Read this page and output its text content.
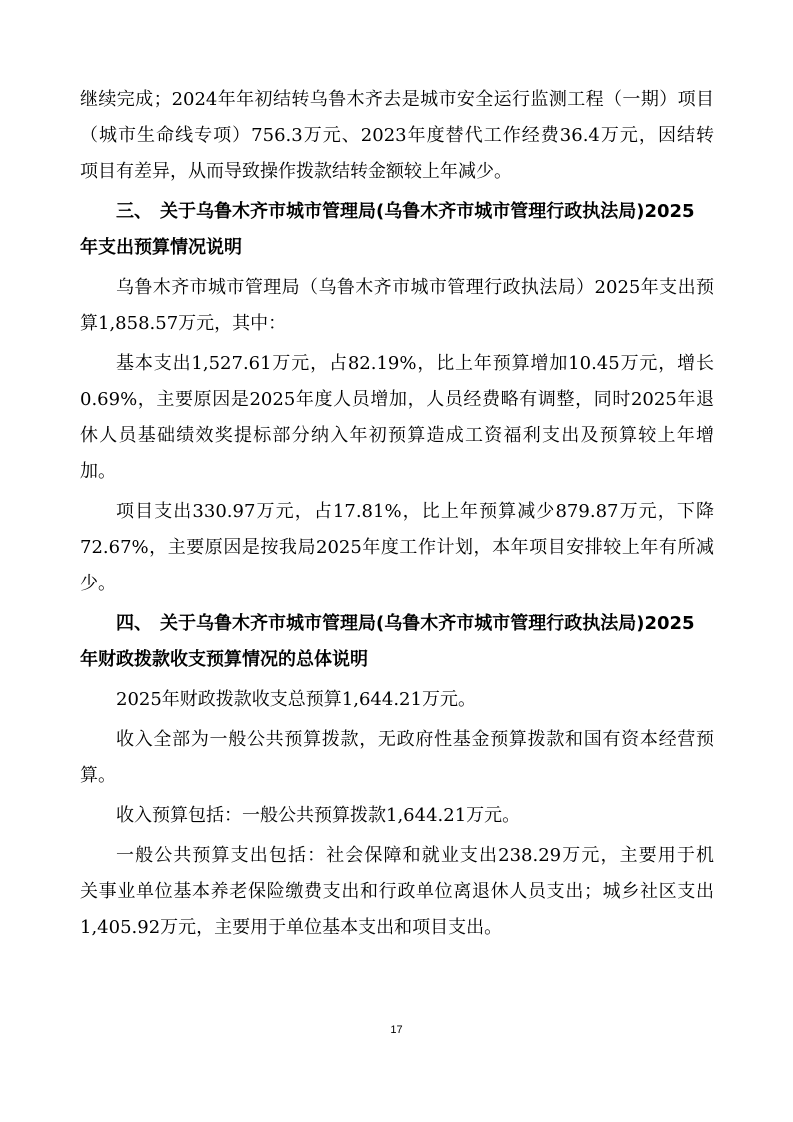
继续完成；2024年年初结转乌鲁木齐去是城市安全运行监测工程（一期）项目
（城市生命线专项）756.3万元、2023年度替代工作经费36.4万元，因结转
项目有差异，从而导致操作拨款结转金额较上年减少。
三、 关于乌鲁木齐市城市管理局(乌鲁木齐市城市管理行政执法局)2025
年支出预算情况说明
乌鲁木齐市城市管理局（乌鲁木齐市城市管理行政执法局）2025年支出预
算1,858.57万元，其中：
基本支出1,527.61万元，占82.19%，比上年预算增加10.45万元，增长
0.69%，主要原因是2025年度人员增加，人员经费略有调整，同时2025年退
休人员基础绩效奖提标部分纳入年初预算造成工资福利支出及预算较上年增
加。
项目支出330.97万元，占17.81%，比上年预算减少879.87万元，下降
72.67%，主要原因是按我局2025年度工作计划，本年项目安排较上年有所减
少。
四、 关于乌鲁木齐市城市管理局(乌鲁木齐市城市管理行政执法局)2025
年财政拨款收支预算情况的总体说明
2025年财政拨款收支总预算1,644.21万元。
收入全部为一般公共预算拨款，无政府性基金预算拨款和国有资本经营预
算。
收入预算包括：一般公共预算拨款1,644.21万元。
一般公共预算支出包括：社会保障和就业支出238.29万元，主要用于机
关事业单位基本养老保险缴费支出和行政单位离退休人员支出；城乡社区支出
1,405.92万元，主要用于单位基本支出和项目支出。
17
